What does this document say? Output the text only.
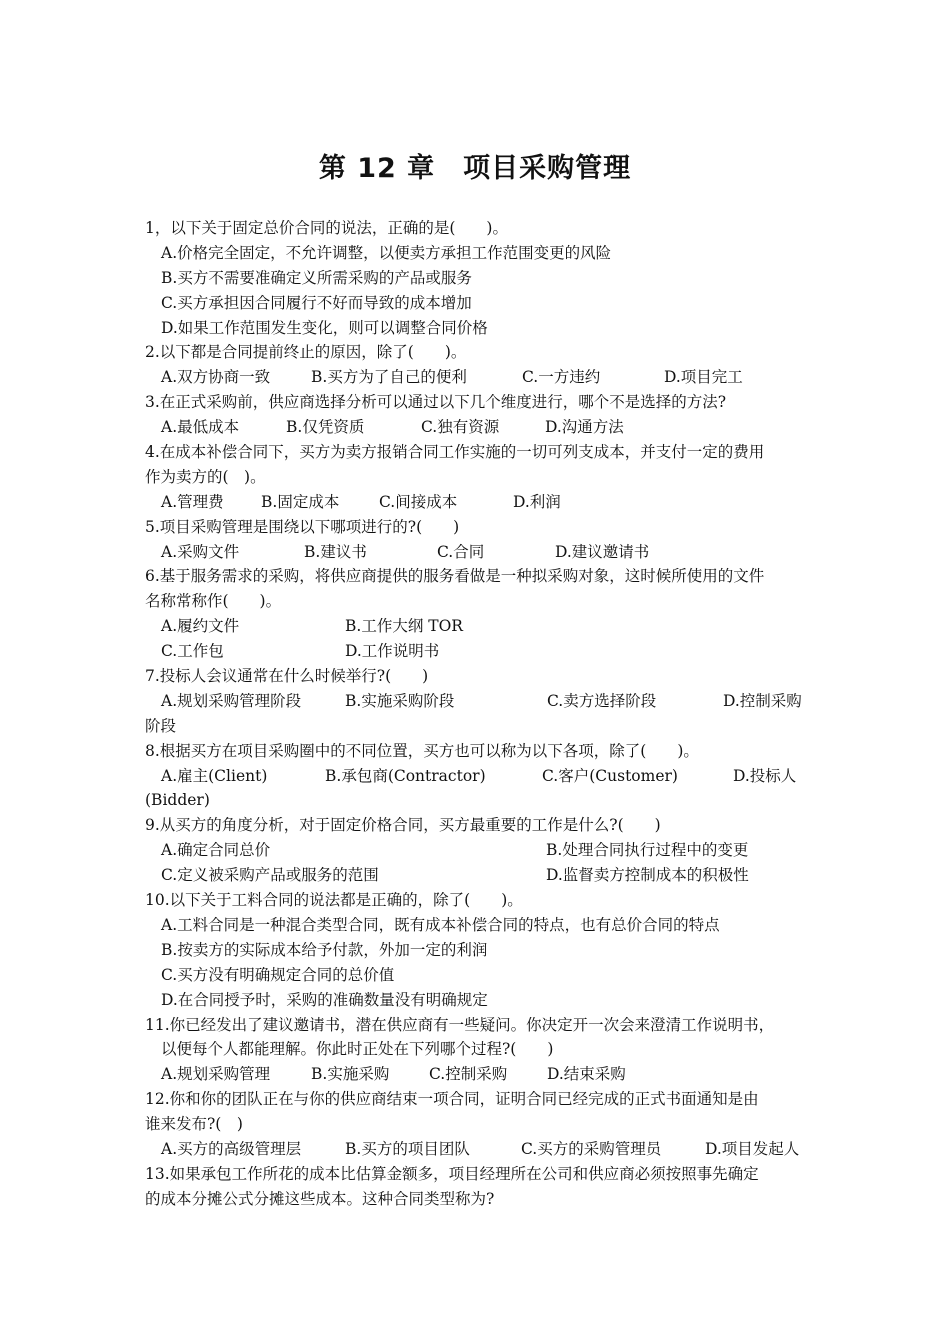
第 12 章　项目采购管理
1，以下关于固定总价合同的说法，正确的是(　　)。
A.价格完全固定，不允许调整，以便卖方承担工作范围变更的风险
B.买方不需要准确定义所需采购的产品或服务
C.买方承担因合同履行不好而导致的成本增加
D.如果工作范围发生变化，则可以调整合同价格
2.以下都是合同提前终止的原因，除了(　　)。
A.双方协商一致	B.买方为了自己的便利	C.一方违约	D.项目完工
3.在正式采购前，供应商选择分析可以通过以下几个维度进行，哪个不是选择的方法?
A.最低成本	B.仅凭资质	C.独有资源	D.沟通方法
4.在成本补偿合同下，买方为卖方报销合同工作实施的一切可列支成本，并支付一定的费用
作为卖方的(　)。
A.管理费	B.固定成本	C.间接成本	D.利润
5.项目采购管理是围绕以下哪项进行的?(　　)
A.采购文件	B.建议书	C.合同	D.建议邀请书
6.基于服务需求的采购，将供应商提供的服务看做是一种拟采购对象，这时候所使用的文件
名称常称作(　　)。
A.履约文件	B.工作大纲 TOR
C.工作包	D.工作说明书
7.投标人会议通常在什么时候举行?(　　)
A.规划采购管理阶段	B.实施采购阶段	C.卖方选择阶段	D.控制采购
阶段
8.根据买方在项目采购圈中的不同位置，买方也可以称为以下各项，除了(　　)。
A.雇主(Client)	B.承包商(Contractor)	C.客户(Customer)	D.投标人
(Bidder)
9.从买方的角度分析，对于固定价格合同，买方最重要的工作是什么?(　　)
A.确定合同总价	B.处理合同执行过程中的变更
C.定义被采购产品或服务的范围	D.监督卖方控制成本的积极性
10.以下关于工料合同的说法都是正确的，除了(　　)。
A.工料合同是一种混合类型合同，既有成本补偿合同的特点，也有总价合同的特点
B.按卖方的实际成本给予付款，外加一定的利润
C.买方没有明确规定合同的总价值
D.在合同授予时，采购的准确数量没有明确规定
11.你已经发出了建议邀请书，潜在供应商有一些疑问。你决定开一次会来澄清工作说明书，
以便每个人都能理解。你此时正处在下列哪个过程?(　　)
A.规划采购管理	B.实施采购	C.控制采购	D.结束采购
12.你和你的团队正在与你的供应商结束一项合同，证明合同已经完成的正式书面通知是由
谁来发布?(　)
A.买方的高级管理层	B.买方的项目团队	C.买方的采购管理员	D.项目发起人
13.如果承包工作所花的成本比估算金额多，项目经理所在公司和供应商必须按照事先确定
的成本分摊公式分摊这些成本。这种合同类型称为?
